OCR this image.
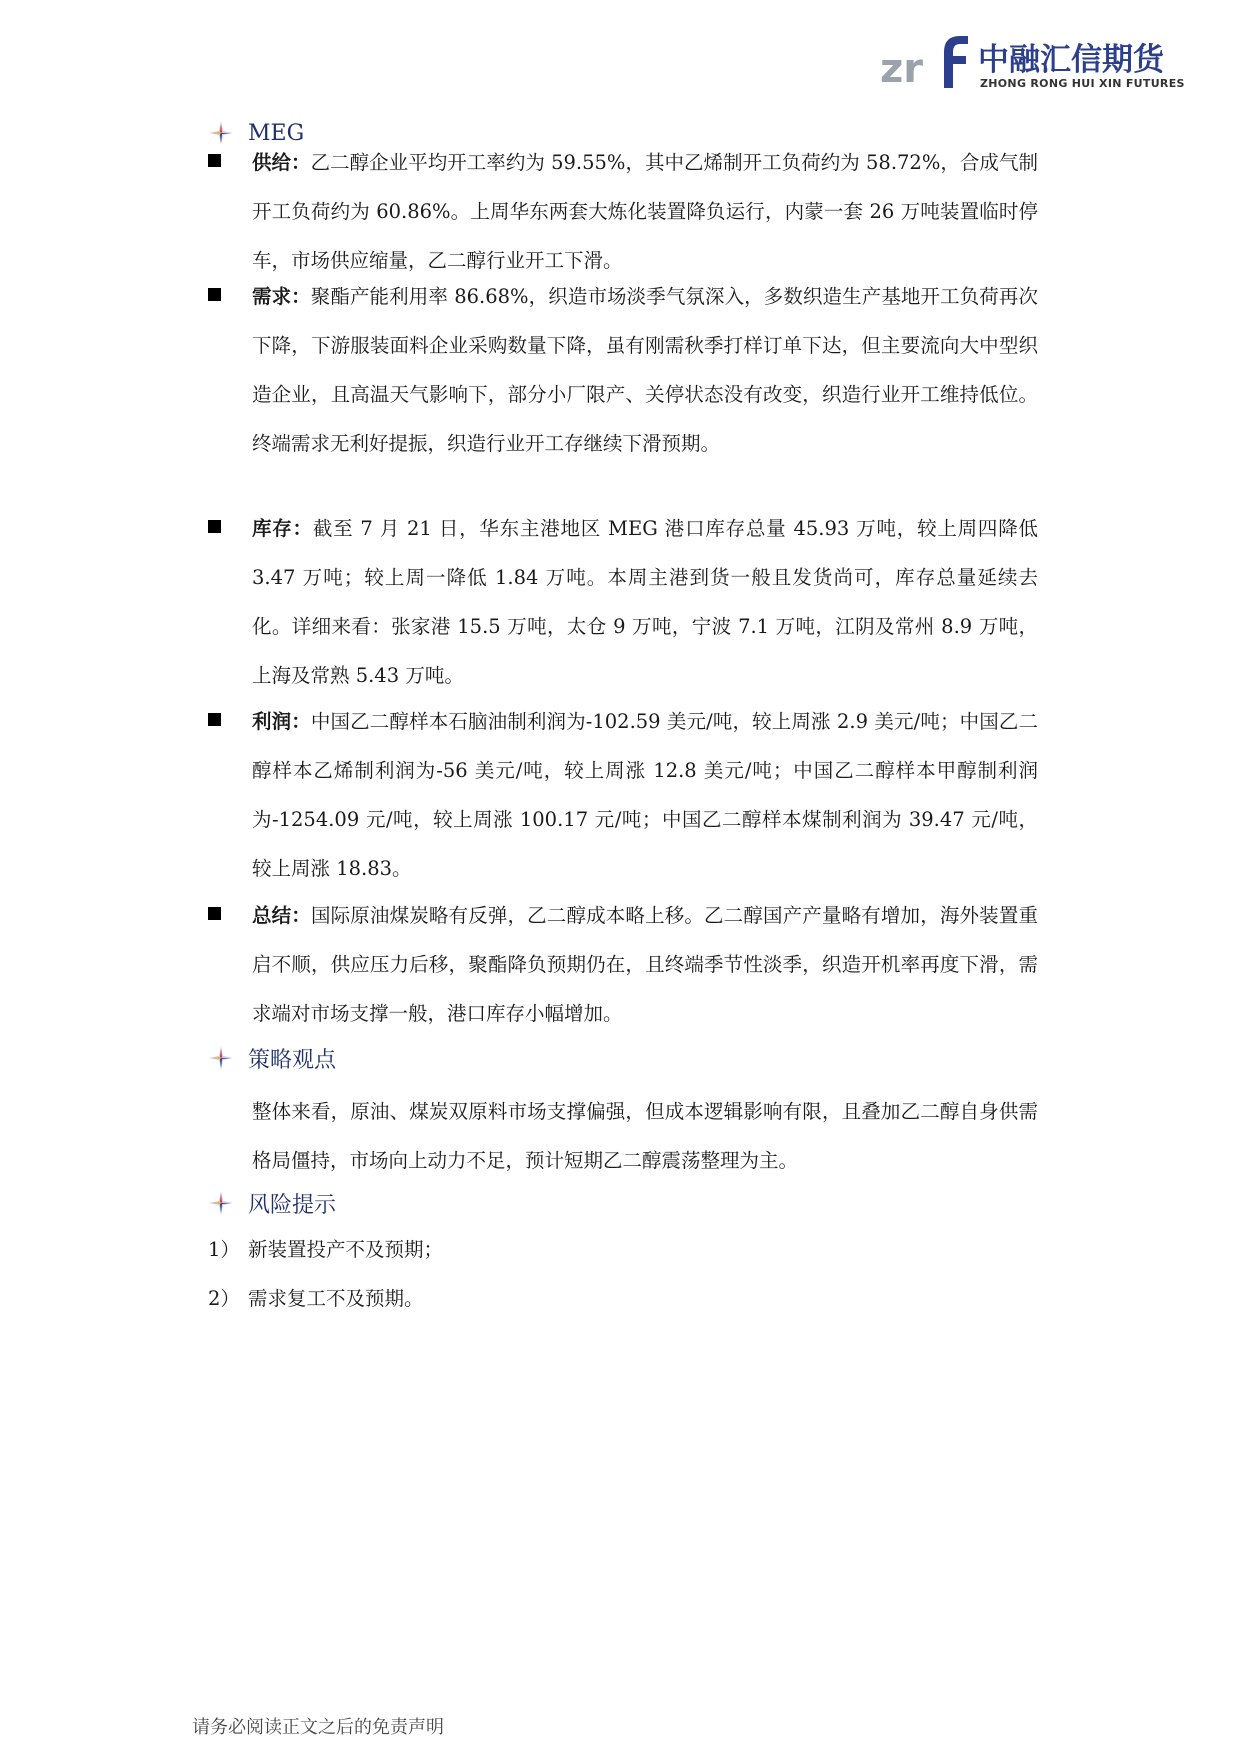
zr 中融汇信期货
ZHONG RONG HUI XIN FUTURES
MEG
供给：乙二醇企业平均开工率约为 59.55%，其中乙烯制开工负荷约为 58.72%，合成气制开工负荷约为 60.86%。上周华东两套大炼化装置降负运行，内蒙一套 26 万吨装置临时停车，市场供应缩量，乙二醇行业开工下滑。
需求：聚酯产能利用率 86.68%，织造市场淡季气氛深入，多数织造生产基地开工负荷再次下降，下游服装面料企业采购数量下降，虽有刚需秋季打样订单下达，但主要流向大中型织造企业，且高温天气影响下，部分小厂限产、关停状态没有改变，织造行业开工维持低位。终端需求无利好提振，织造行业开工存继续下滑预期。
库存：截至 7 月 21 日，华东主港地区 MEG 港口库存总量 45.93 万吨，较上周四降低 3.47 万吨；较上周一降低 1.84 万吨。本周主港到货一般且发货尚可，库存总量延续去化。详细来看：张家港 15.5 万吨，太仓 9 万吨，宁波 7.1 万吨，江阴及常州 8.9 万吨，上海及常熟 5.43 万吨。
利润：中国乙二醇样本石脑油制利润为-102.59 美元/吨，较上周涨 2.9 美元/吨；中国乙二醇样本乙烯制利润为-56 美元/吨，较上周涨 12.8 美元/吨；中国乙二醇样本甲醇制利润为-1254.09 元/吨，较上周涨 100.17 元/吨；中国乙二醇样本煤制利润为 39.47 元/吨，较上周涨 18.83。
总结：国际原油煤炭略有反弹，乙二醇成本略上移。乙二醇国产产量略有增加，海外装置重启不顺，供应压力后移，聚酯降负预期仍在，且终端季节性淡季，织造开机率再度下滑，需求端对市场支撑一般，港口库存小幅增加。
策略观点
整体来看，原油、煤炭双原料市场支撑偏强，但成本逻辑影响有限，且叠加乙二醇自身供需格局僵持，市场向上动力不足，预计短期乙二醇震荡整理为主。
风险提示
1） 新装置投产不及预期；
2） 需求复工不及预期。
请务必阅读正文之后的免责声明
